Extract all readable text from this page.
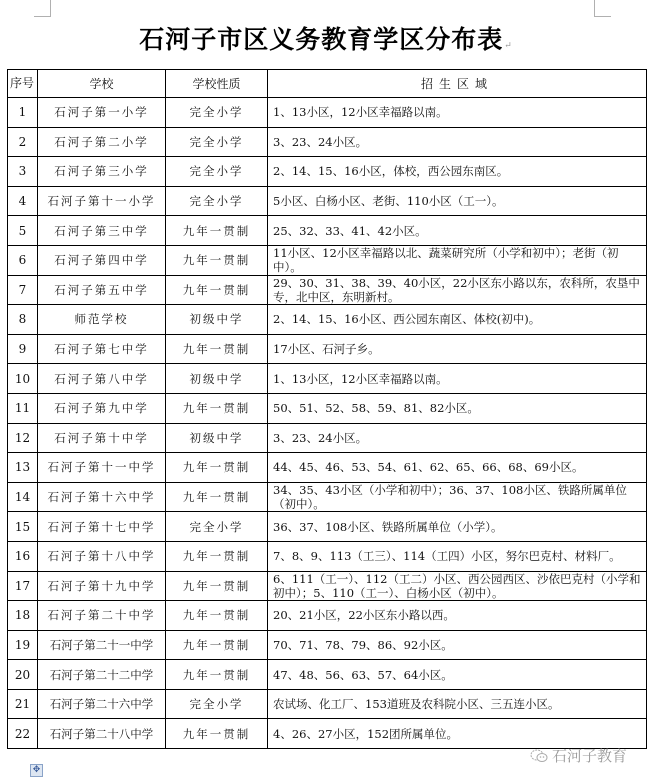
石河子市区义务教育学区分布表↵
序号	学校	学校性质	招生区域
1	石河子第一小学	完全小学	1、13小区，12小区幸福路以南。
2	石河子第二小学	完全小学	3、23、24小区。
3	石河子第三小学	完全小学	2、14、15、16小区，体校，西公园东南区。
4	石河子第十一小学	完全小学	5小区、白杨小区、老街、110小区（工一）。
5	石河子第三中学	九年一贯制	25、32、33、41、42小区。
6	石河子第四中学	九年一贯制	11小区、12小区幸福路以北、蔬菜研究所（小学和初中）；老街（初中）。
7	石河子第五中学	九年一贯制	29、30、31、38、39、40小区，22小区东小路以东，农科所，农垦中专，北中区，东明新村。
8	师范学校	初级中学	2、14、15、16小区、西公园东南区、体校(初中)。
9	石河子第七中学	九年一贯制	17小区、石河子乡。
10	石河子第八中学	初级中学	1、13小区，12小区幸福路以南。
11	石河子第九中学	九年一贯制	50、51、52、58、59、81、82小区。
12	石河子第十中学	初级中学	3、23、24小区。
13	石河子第十一中学	九年一贯制	44、45、46、53、54、61、62、65、66、68、69小区。
14	石河子第十六中学	九年一贯制	34、35、43小区（小学和初中）；36、37、108小区、铁路所属单位（初中）。
15	石河子第十七中学	完全小学	36、37、108小区、铁路所属单位（小学）。
16	石河子第十八中学	九年一贯制	7、8、9、113（工三）、114（工四）小区，努尔巴克村、材料厂。
17	石河子第十九中学	九年一贯制	6、111（工一）、112（工二）小区、西公园西区、沙依巴克村（小学和初中）；5、110（工一）、白杨小区（初中）。
18	石河子第二十中学	九年一贯制	20、21小区，22小区东小路以西。
19	石河子第二十一中学	九年一贯制	70、71、78、79、86、92小区。
20	石河子第二十二中学	九年一贯制	47、48、56、63、57、64小区。
21	石河子第二十六中学	完全小学	农试场、化工厂、153道班及农科院小区、三五连小区。
22	石河子第二十八中学	九年一贯制	4、26、27小区，152团所属单位。
✥
石河子教育
